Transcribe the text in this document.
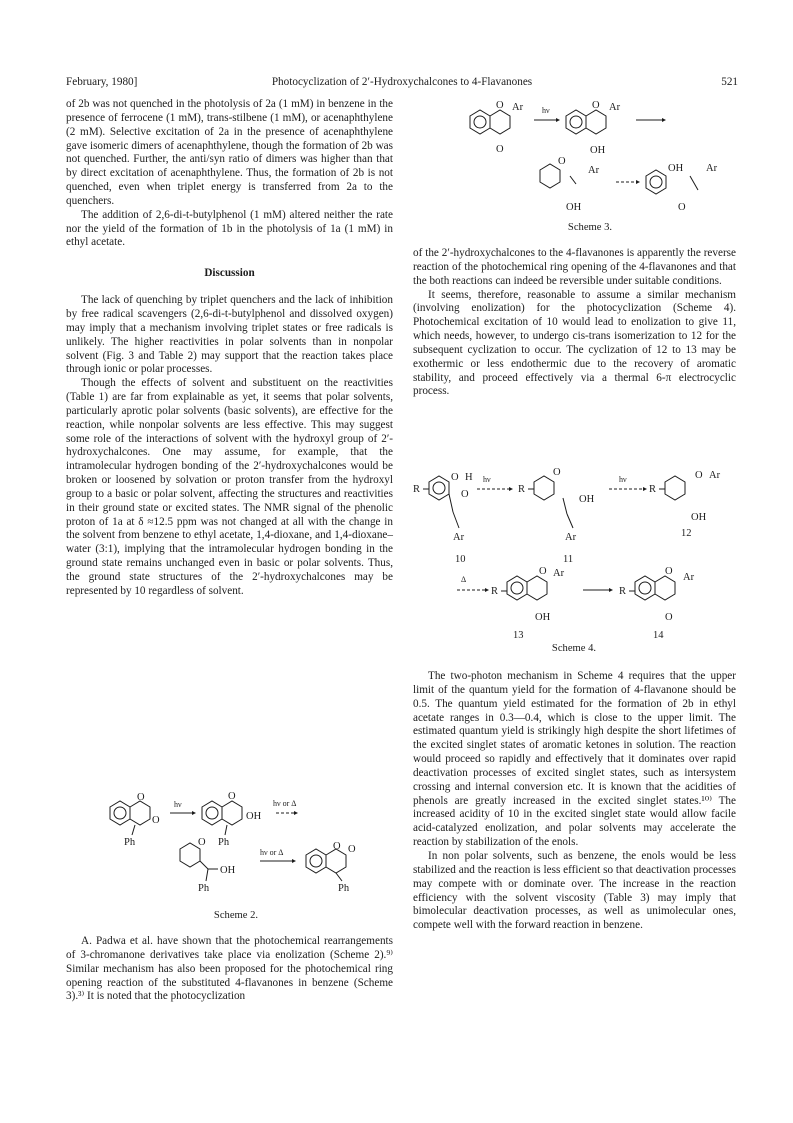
February, 1980]	Photocyclization of 2′-Hydroxychalcones to 4-Flavanones	521

of 2b was not quenched in the photolysis of 2a (1 mM) in benzene in the presence of ferrocene (1 mM), trans-stilbene (1 mM), or acenaphthylene (2 mM). Selective excitation of 2a in the presence of acenaphthylene gave isomeric dimers of acenaphthylene, though the formation of 2b was not quenched. Further, the anti/syn ratio of dimers was higher than that by direct excitation of acenaphthylene. Thus, the formation of 2b is not quenched, even when triplet energy is transferred from 2a to the quenchers.

The addition of 2,6-di-t-butylphenol (1 mM) altered neither the rate nor the yield of the formation of 1b in the photolysis of 1a (1 mM) in ethyl acetate.

Discussion

The lack of quenching by triplet quenchers and the lack of inhibition by free radical scavengers (2,6-di-t-butylphenol and dissolved oxygen) may imply that a mechanism involving triplet states or free radicals is unlikely. The higher reactivities in polar solvents than in nonpolar solvent (Fig. 3 and Table 2) may support that the reaction takes place through ionic or polar processes.

Though the effects of solvent and substituent on the reactivities (Table 1) are far from explainable as yet, it seems that polar solvents, particularly aprotic polar solvents (basic solvents), are effective for the reaction, while nonpolar solvents are less effective. This may suggest some role of the interactions of solvent with the hydroxyl group of 2′-hydroxychalcones. One may assume, for example, that the intramolecular hydrogen bonding of the 2′-hydroxychalcones would be broken or loosened by solvation or proton transfer from the hydroxyl group to a basic or polar solvent, affecting the structures and reactivities in their ground state or excited states. The NMR signal of the phenolic proton of 1a at δ ≈12.5 ppm was not changed at all with the change in the solvent from benzene to ethyl acetate, 1,4-dioxane, and 1,4-dioxane–water (3:1), implying that the intramolecular hydrogen bonding in the ground state remains unchanged even in basic or polar solvents. Thus, the ground state structures of the 2′-hydroxychalcones may be represented by 10 regardless of solvent.

O
O
Ph
hν
O
OH
Ph
hν or Δ
O
OH
Ph
hν or Δ
O O
Ph
Scheme 2.

A. Padwa et al. have shown that the photochemical rearrangements of 3-chromanone derivatives take place via enolization (Scheme 2).⁹⁾ Similar mechanism has also been proposed for the photochemical ring opening reaction of the substituted 4-flavanones in benzene (Scheme 3).³⁾ It is noted that the photocyclization

O Ar
O
hν	O Ar
OH
O
Ar
OH
OH Ar
O
Scheme 3.

of the 2′-hydroxychalcones to the 4-flavanones is apparently the reverse reaction of the photochemical ring opening of the 4-flavanones and that the both reactions can indeed be reversible under suitable conditions.

It seems, therefore, reasonable to assume a similar mechanism (involving enolization) for the photocyclization (Scheme 4). Photochemical excitation of 10 would lead to enolization to give 11, which needs, however, to undergo cis-trans isomerization to 12 for the subsequent cyclization to occur. The cyclization of 12 to 13 may be exothermic or less endothermic due to the recovery of aromatic stability, and proceed effectively via a thermal 6-π electrocyclic process.

R
O H
O
Ar
10
hν
R
O
OH
Ar
11
hν
R
O Ar
OH
12
Δ
R
O Ar
OH
13
R
O
Ar
O
14
Scheme 4.

The two-photon mechanism in Scheme 4 requires that the upper limit of the quantum yield for the formation of 4-flavanone should be 0.5. The quantum yield estimated for the formation of 2b in ethyl acetate ranges in 0.3—0.4, which is close to the upper limit. The estimated quantum yield is strikingly high despite the short lifetimes of the excited singlet states of aromatic ketones in solution. The reaction would proceed so rapidly and effectively that it dominates over rapid deactivation processes of excited singlet states, such as intersystem crossing and internal conversion etc. It is known that the acidities of phenols are greatly increased in the excited singlet states.¹⁰⁾ The increased acidity of 10 in the excited singlet state would allow facile acid-catalyzed enolization, and polar solvents may accelerate the reaction by stabilization of the enols.

In non polar solvents, such as benzene, the enols would be less stabilized and the reaction is less efficient so that deactivation processes may compete with or dominate over. The increase in the reaction efficiency with the solvent viscosity (Table 3) may imply that bimolecular deactivation processes, as well as unimolecular ones, compete well with the forward reaction in benzene.
